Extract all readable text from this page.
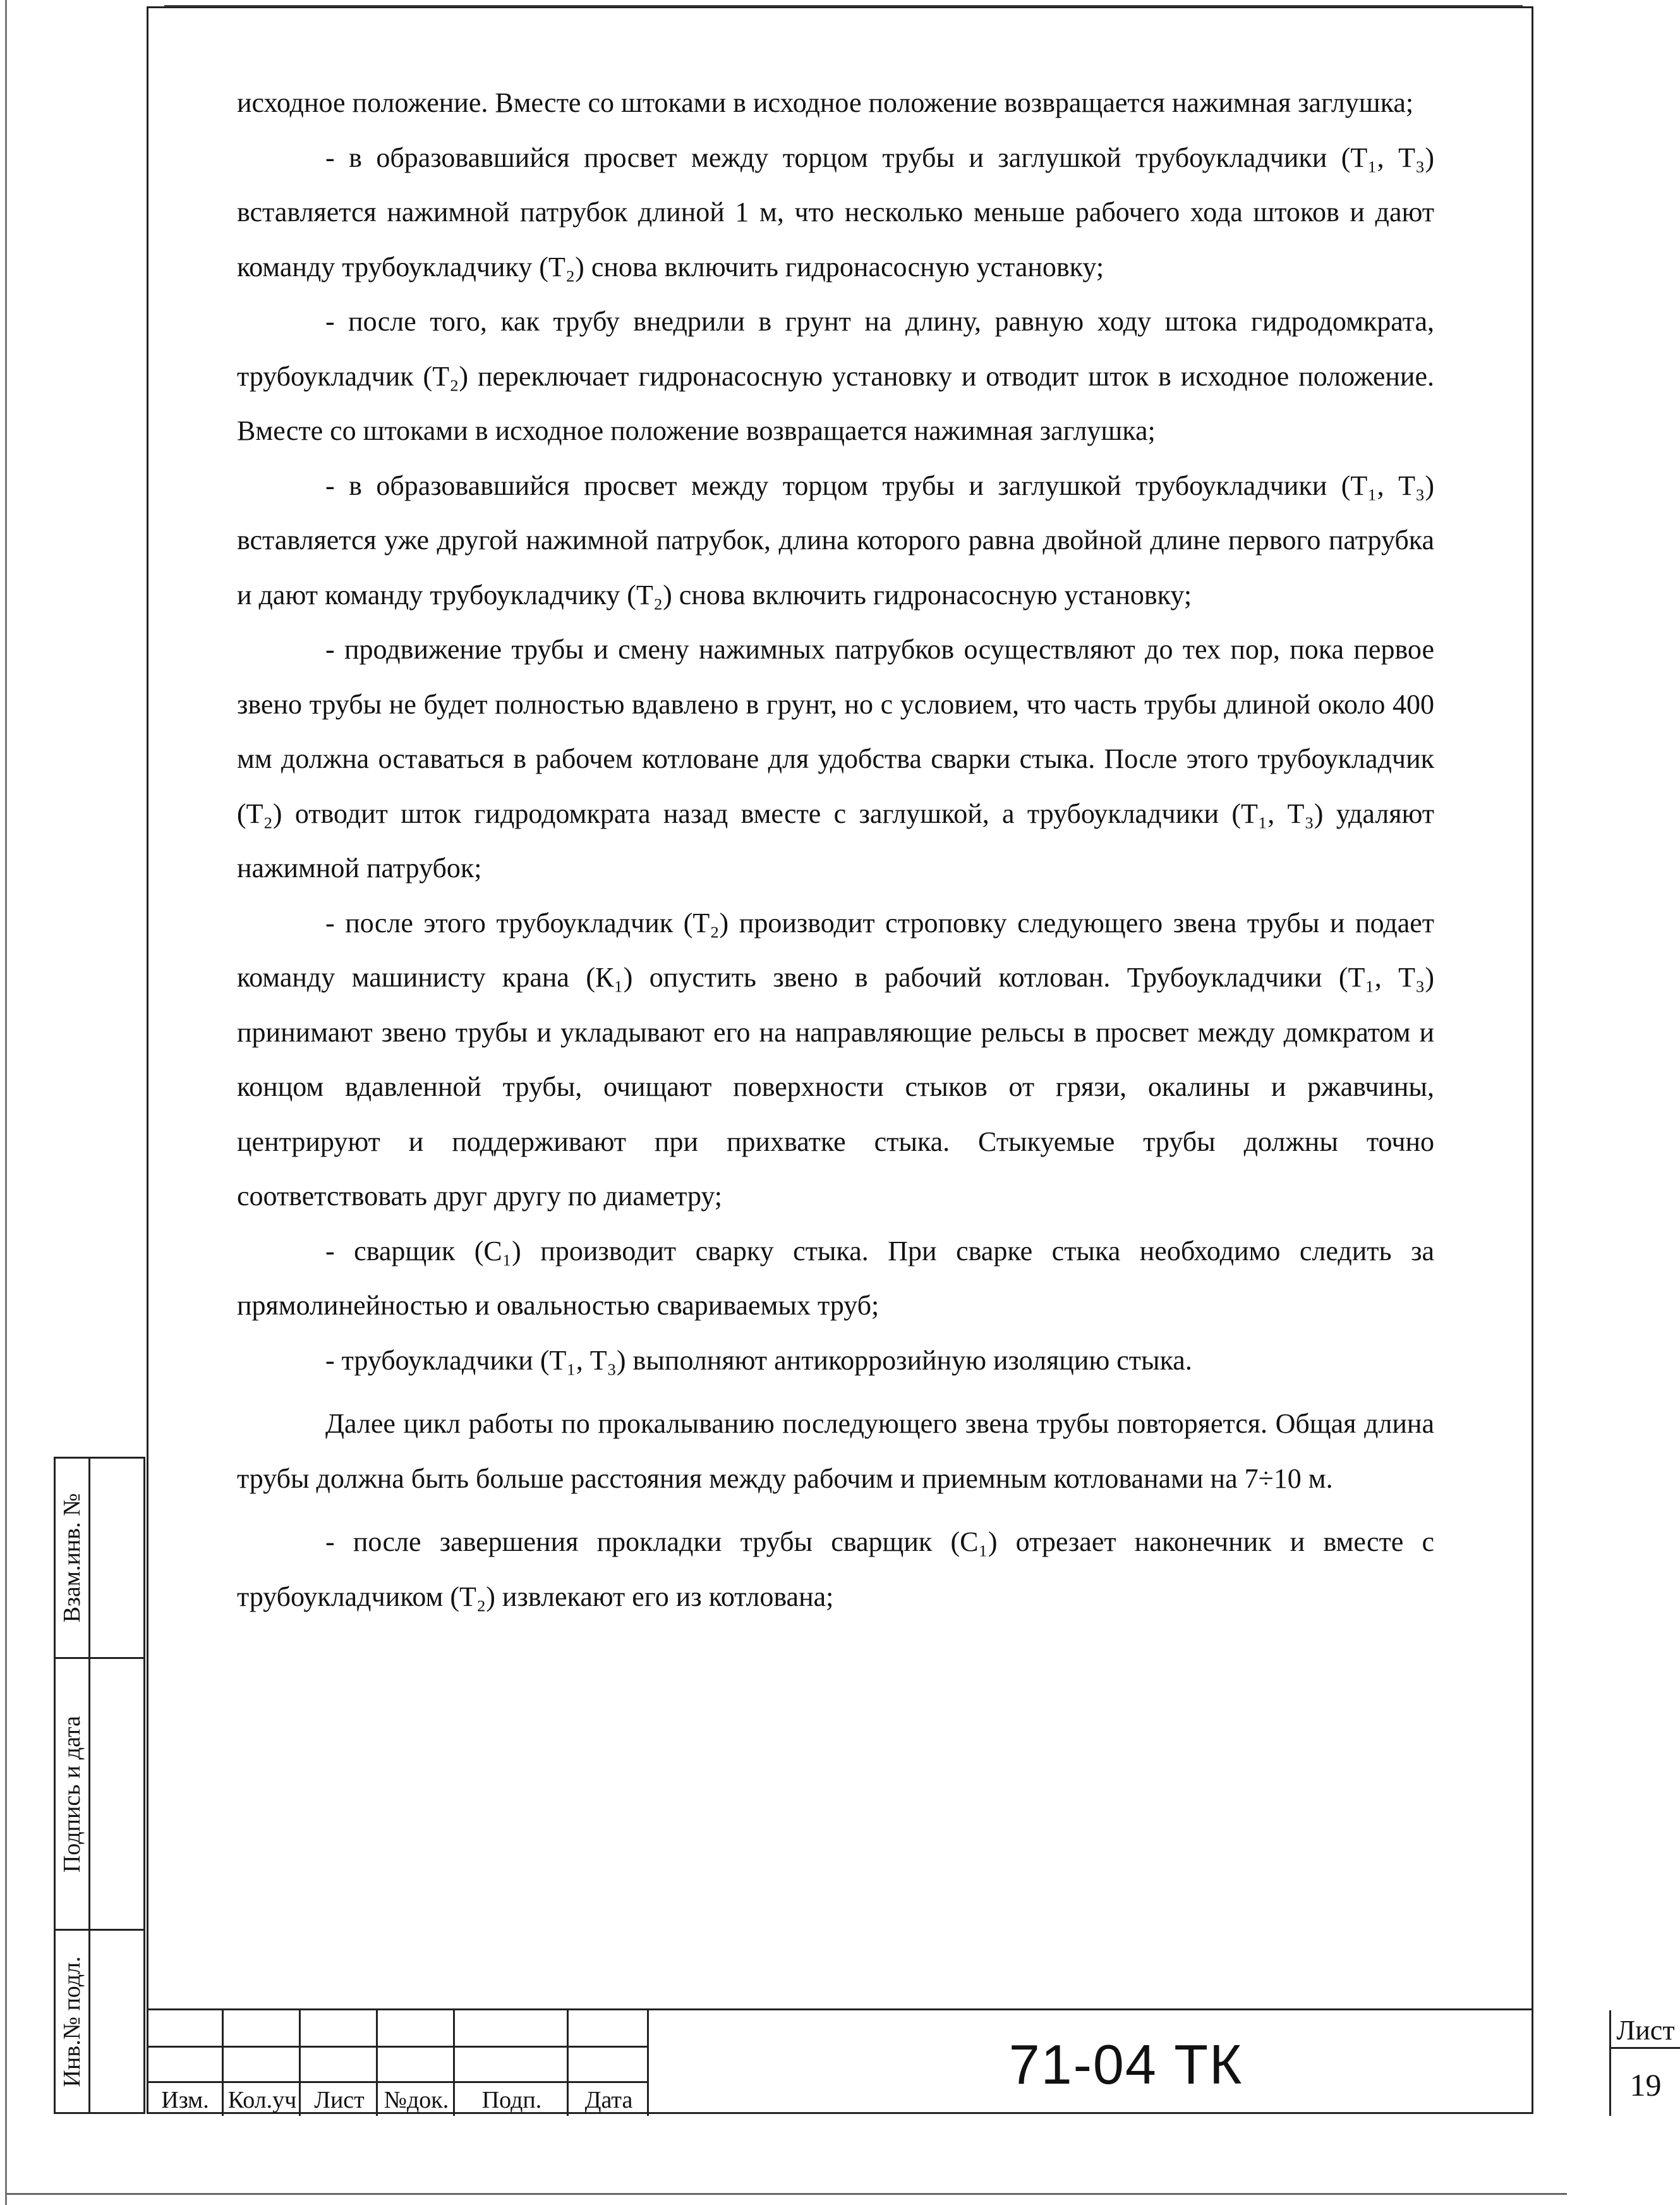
исходное положение. Вместе со штоками в исходное положение возвращается нажимная заглушка;

- в образовавшийся просвет между торцом трубы и заглушкой трубоукладчики (Т₁, Т₃) вставляется нажимной патрубок длиной 1 м, что несколько меньше рабочего хода штоков и дают команду трубоукладчику (Т₂) снова включить гидронасосную установку;

- после того, как трубу внедрили в грунт на длину, равную ходу штока гидродомкрата, трубоукладчик (Т₂) переключает гидронасосную установку и отводит шток в исходное положение. Вместе со штоками в исходное положение возвращается нажимная заглушка;

- в образовавшийся просвет между торцом трубы и заглушкой трубоукладчики (Т₁, Т₃) вставляется уже другой нажимной патрубок, длина которого равна двойной длине первого патрубка и дают команду трубоукладчику (Т₂) снова включить гидронасосную установку;

- продвижение трубы и смену нажимных патрубков осуществляют до тех пор, пока первое звено трубы не будет полностью вдавлено в грунт, но с условием, что часть трубы длиной около 400 мм должна оставаться в рабочем котловане для удобства сварки стыка. После этого трубоукладчик (Т₂) отводит шток гидродомкрата назад вместе с заглушкой, а трубоукладчики (Т₁, Т₃) удаляют нажимной патрубок;

- после этого трубоукладчик (Т₂) производит строповку следующего звена трубы и подает команду машинисту крана (К₁) опустить звено в рабочий котлован. Трубоукладчики (Т₁, Т₃) принимают звено трубы и укладывают его на направляющие рельсы в просвет между домкратом и концом вдавленной трубы, очищают поверхности стыков от грязи, окалины и ржавчины, центрируют и поддерживают при прихватке стыка. Стыкуемые трубы должны точно соответствовать друг другу по диаметру;

- сварщик (С₁) производит сварку стыка. При сварке стыка необходимо следить за прямолинейностью и овальностью свариваемых труб;

- трубоукладчики (Т₁, Т₃) выполняют антикоррозийную изоляцию стыка.

Далее цикл работы по прокалыванию последующего звена трубы повторяется. Общая длина трубы должна быть больше расстояния между рабочим и приемным котлованами на 7÷10 м.

- после завершения прокладки трубы сварщик (С₁) отрезает наконечник и вместе с трубоукладчиком (Т₂) извлекают его из котлована;

Взам.инв. №
Подпись и дата
Инв.№ подл.
Изм. Кол.уч Лист №док.	Подп.	Дата
71-04 ТК
Лист
19
